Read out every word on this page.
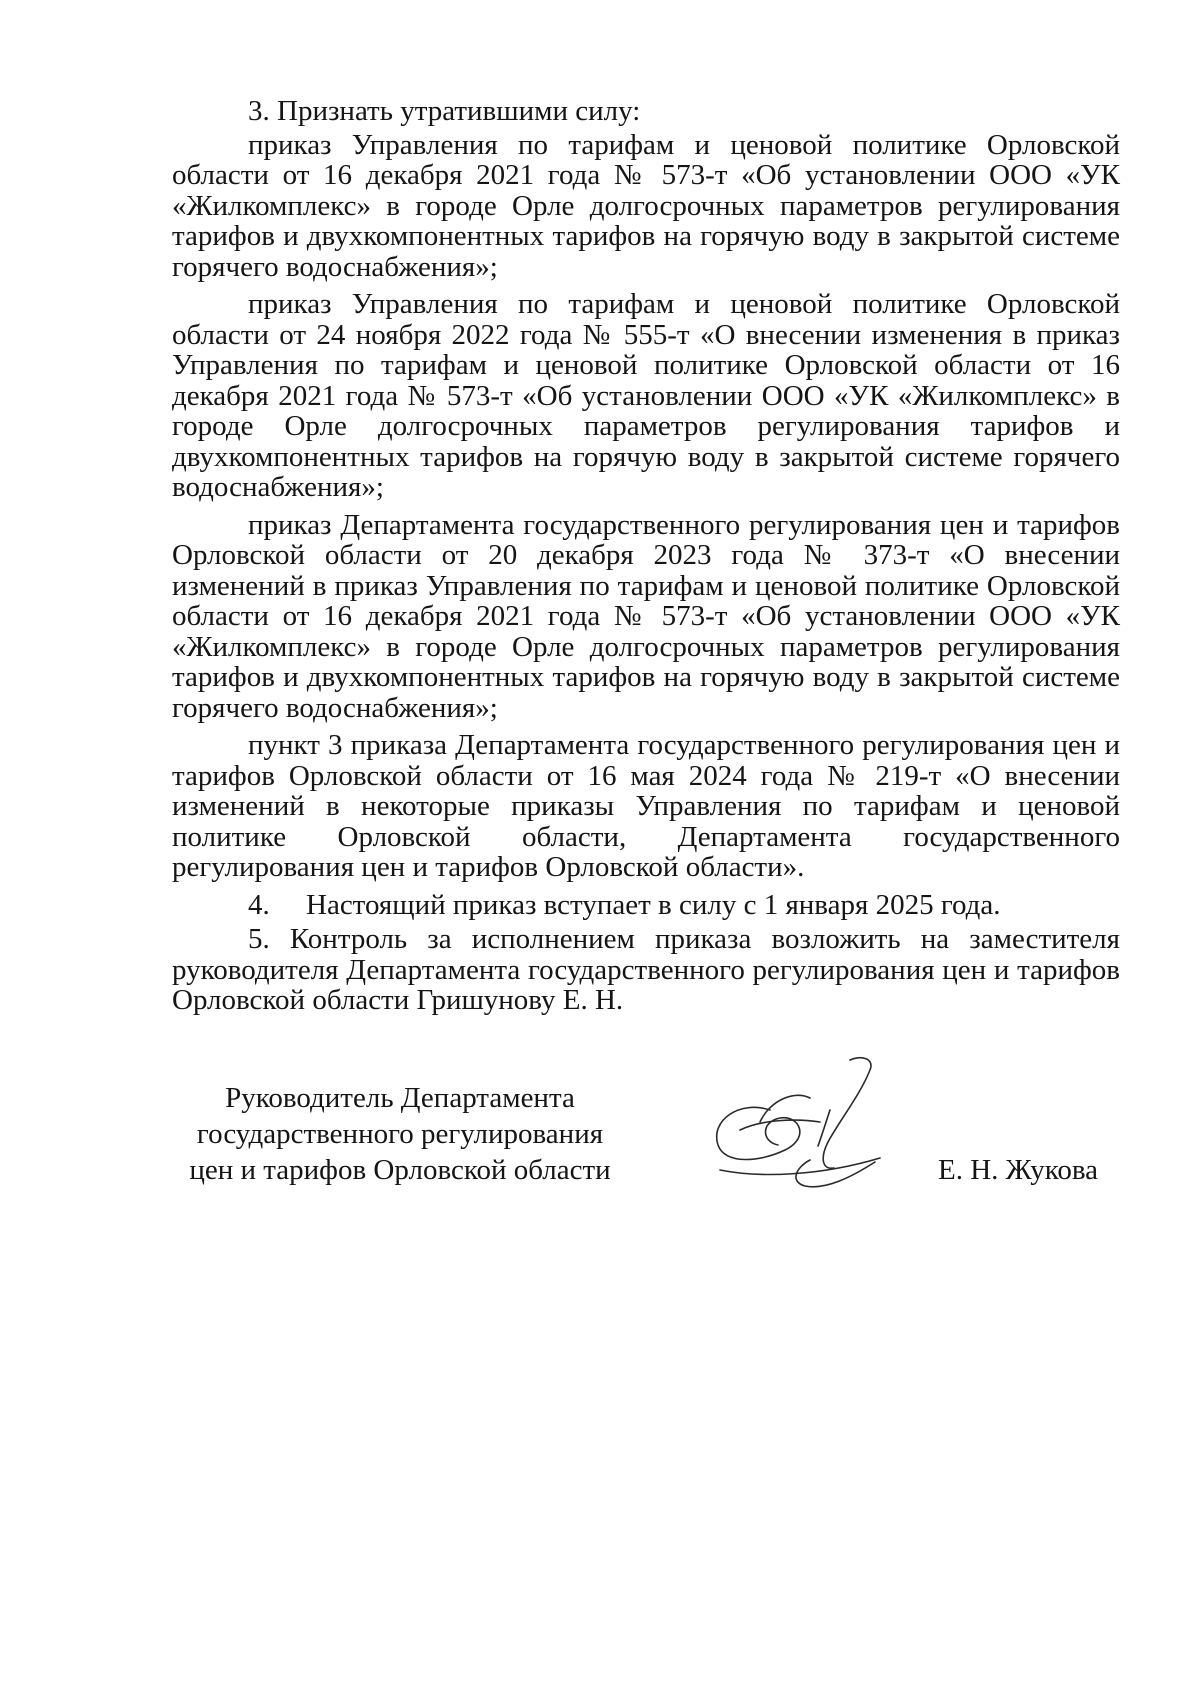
3. Признать утратившими силу:

приказ Управления по тарифам и ценовой политике Орловской области от 16 декабря 2021 года № 573-т «Об установлении ООО «УК «Жилкомплекс» в городе Орле долгосрочных параметров регулирования тарифов и двухкомпонентных тарифов на горячую воду в закрытой системе горячего водоснабжения»;

приказ Управления по тарифам и ценовой политике Орловской области от 24 ноября 2022 года № 555-т «О внесении изменения в приказ Управления по тарифам и ценовой политике Орловской области от 16 декабря 2021 года № 573-т «Об установлении ООО «УК «Жилкомплекс» в городе Орле долгосрочных параметров регулирования тарифов и двухкомпонентных тарифов на горячую воду в закрытой системе горячего водоснабжения»;

приказ Департамента государственного регулирования цен и тарифов Орловской области от 20 декабря 2023 года № 373-т «О внесении изменений в приказ Управления по тарифам и ценовой политике Орловской области от 16 декабря 2021 года № 573-т «Об установлении ООО «УК «Жилкомплекс» в городе Орле долгосрочных параметров регулирования тарифов и двухкомпонентных тарифов на горячую воду в закрытой системе горячего водоснабжения»;

пункт 3 приказа Департамента государственного регулирования цен и тарифов Орловской области от 16 мая 2024 года № 219-т «О внесении изменений в некоторые приказы Управления по тарифам и ценовой политике Орловской области, Департамента государственного регулирования цен и тарифов Орловской области».

4. Настоящий приказ вступает в силу с 1 января 2025 года.

5. Контроль за исполнением приказа возложить на заместителя руководителя Департамента государственного регулирования цен и тарифов Орловской области Гришунову Е. Н.

Руководитель Департамента
государственного регулирования
цен и тарифов Орловской области	Е. Н. Жукова
